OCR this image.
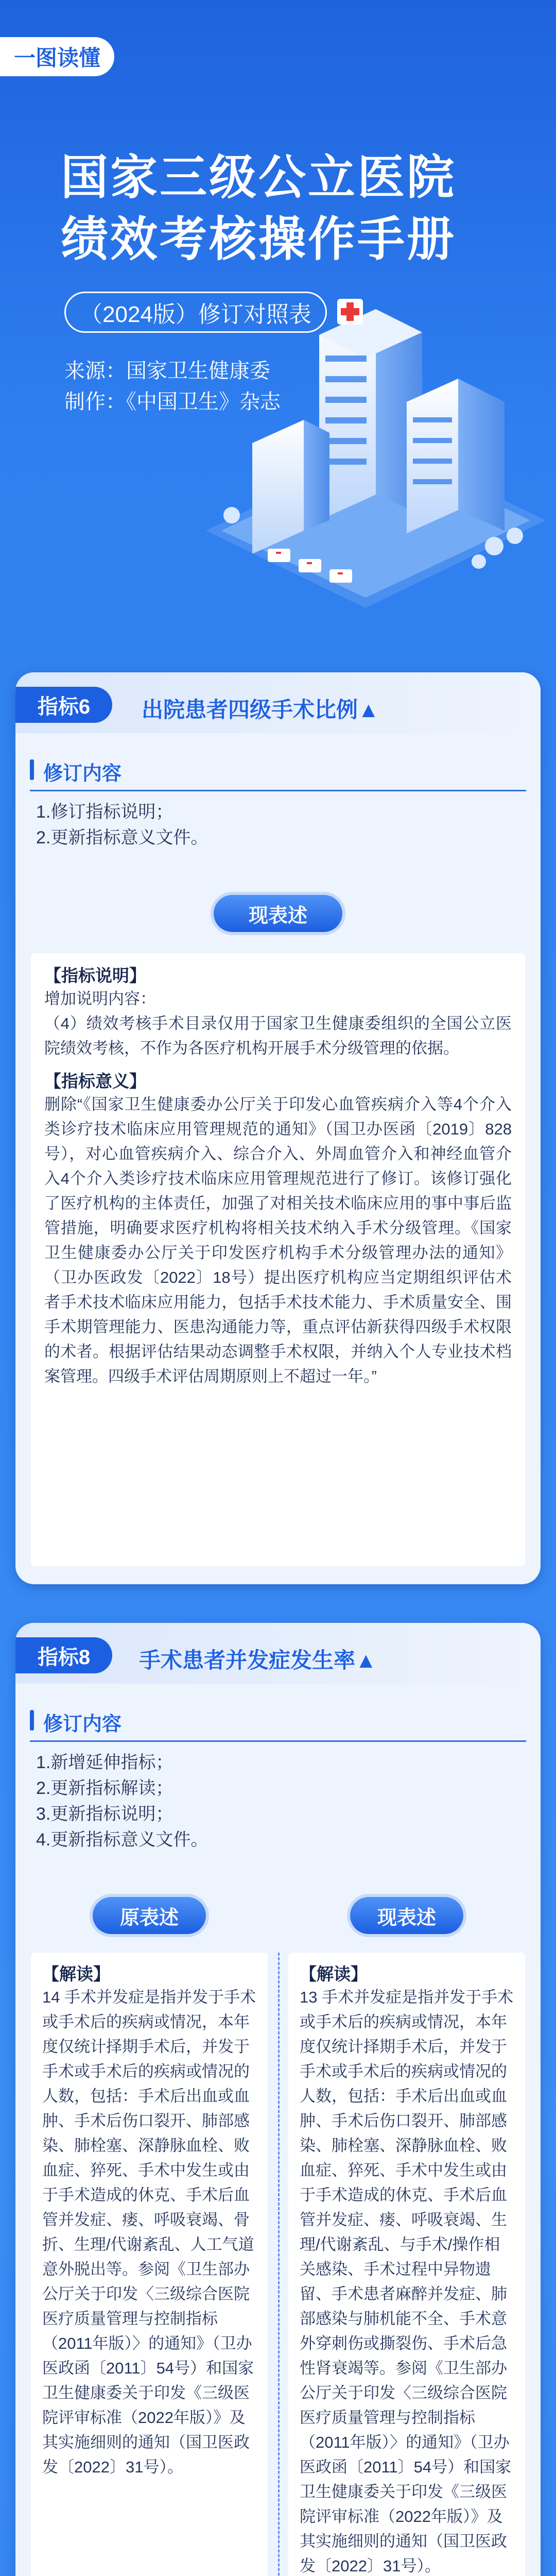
一图读懂
国家三级公立医院
绩效考核操作手册
（2024版）修订对照表
来源：国家卫生健康委
制作：《中国卫生》杂志
指标6	出院患者四级手术比例▲
修订内容
1.修订指标说明；
2.更新指标意义文件。
现表述
【指标说明】
增加说明内容：
（4）绩效考核手术目录仅用于国家卫生健康委组织的全国公立医院绩效考核，不作为各医疗机构开展手术分级管理的依据。
【指标意义】
删除“《国家卫生健康委办公厅关于印发心血管疾病介入等4个介入类诊疗技术临床应用管理规范的通知》（国卫办医函〔2019〕828号），对心血管疾病介入、综合介入、外周血管介入和神经血管介入4个介入类诊疗技术临床应用管理规范进行了修订。该修订强化了医疗机构的主体责任，加强了对相关技术临床应用的事中事后监管措施，明确要求医疗机构将相关技术纳入手术分级管理。《国家卫生健康委办公厅关于印发医疗机构手术分级管理办法的通知》（卫办医政发〔2022〕18号）提出医疗机构应当定期组织评估术者手术技术临床应用能力，包括手术技术能力、手术质量安全、围手术期管理能力、医患沟通能力等，重点评估新获得四级手术权限的术者。根据评估结果动态调整手术权限，并纳入个人专业技术档案管理。四级手术评估周期原则上不超过一年。”
指标8	手术患者并发症发生率▲
修订内容
1.新增延伸指标；
2.更新指标解读；
3.更新指标说明；
4.更新指标意义文件。
原表述	现表述
【解读】
14 手术并发症是指并发于手术或手术后的疾病或情况，本年度仅统计择期手术后，并发于手术或手术后的疾病或情况的人数，包括：手术后出血或血肿、手术后伤口裂开、肺部感染、肺栓塞、深静脉血栓、败血症、猝死、手术中发生或由于手术造成的休克、手术后血管并发症、瘘、呼吸衰竭、骨折、生理/代谢紊乱、人工气道意外脱出等。参阅《卫生部办公厅关于印发〈三级综合医院医疗质量管理与控制指标（2011年版）〉的通知》（卫办医政函〔2011〕54号）和国家卫生健康委关于印发《三级医院评审标准（2022年版）》及其实施细则的通知（国卫医政发〔2022〕31号）。
【解读】
13 手术并发症是指并发于手术或手术后的疾病或情况，本年度仅统计择期手术后，并发于手术或手术后的疾病或情况的人数，包括：手术后出血或血肿、手术后伤口裂开、肺部感染、肺栓塞、深静脉血栓、败血症、猝死、手术中发生或由于手术造成的休克、手术后血管并发症、瘘、呼吸衰竭、生理/代谢紊乱、与手术/操作相关感染、手术过程中异物遗留、手术患者麻醉并发症、肺部感染与肺机能不全、手术意外穿刺伤或撕裂伤、手术后急性肾衰竭等。参阅《卫生部办公厅关于印发〈三级综合医院医疗质量管理与控制指标（2011年版）〉的通知》（卫办医政函〔2011〕54号）和国家卫生健康委关于印发《三级医院评审标准（2022年版）》及其实施细则的通知（国卫医政发〔2022〕31号）。
